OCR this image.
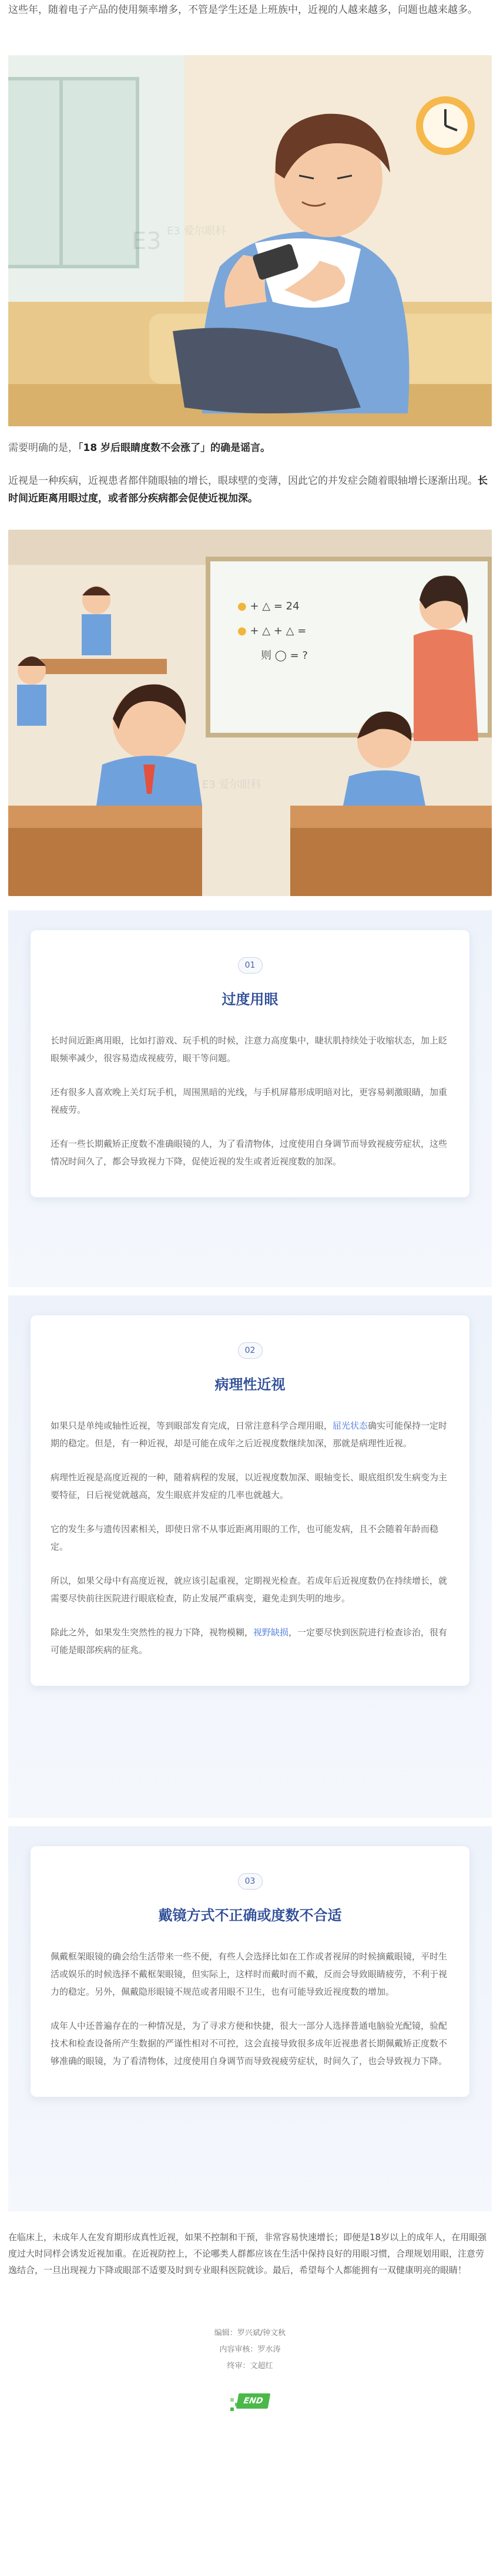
这些年，随着电子产品的使用频率增多，不管是学生还是上班族中，近视的人越来越多，问题也越来越多。

E3 E3 爱尔眼科

需要明确的是，「18 岁后眼睛度数不会涨了」的确是谣言。

近视是一种疾病，近视患者都伴随眼轴的增长，眼球壁的变薄，因此它的并发症会随着眼轴增长逐渐出现。长时间近距离用眼过度，或者部分疾病都会促使近视加深。

● + △ = 24
● + △ + △ =
则 ◯ = ?
E3 爱尔眼科
01
过度用眼

长时间近距离用眼，比如打游戏、玩手机的时候，注意力高度集中，睫状肌持续处于收缩状态，加上眨眼频率减少，很容易造成视疲劳，眼干等问题。

还有很多人喜欢晚上关灯玩手机，周围黑暗的光线，与手机屏幕形成明暗对比，更容易刺激眼睛，加重视疲劳。

还有一些长期戴矫正度数不准确眼镜的人，为了看清物体，过度使用自身调节而导致视疲劳症状，这些情况时间久了，都会导致视力下降，促使近视的发生或者近视度数的加深。

02
病理性近视

如果只是单纯或轴性近视，等到眼部发育完成，日常注意科学合理用眼，屈光状态确实可能保持一定时期的稳定。但是，有一种近视，却是可能在成年之后近视度数继续加深，那就是病理性近视。

病理性近视是高度近视的一种，随着病程的发展，以近视度数加深、眼轴变长、眼底组织发生病变为主要特征，日后视觉就越高，发生眼底并发症的几率也就越大。

它的发生多与遗传因素相关，即使日常不从事近距离用眼的工作，也可能发病，且不会随着年龄而稳定。

所以，如果父母中有高度近视，就应该引起重视，定期视光检查。若成年后近视度数仍在持续增长，就需要尽快前往医院进行眼底检查，防止发展严重病变，避免走到失明的地步。

除此之外，如果发生突然性的视力下降，视物模糊，视野缺损，一定要尽快到医院进行检查诊治，很有可能是眼部疾病的征兆。

03
戴镜方式不正确或度数不合适

佩戴框架眼镜的确会给生活带来一些不便，有些人会选择比如在工作或者视屏的时候摘戴眼镜，平时生活或娱乐的时候选择不戴框架眼镜，但实际上，这样时而戴时而不戴，反而会导致眼睛疲劳，不利于视力的稳定。另外，佩戴隐形眼镜不规范或者用眼不卫生，也有可能导致近视度数的增加。

成年人中还普遍存在的一种情况是，为了寻求方便和快捷，很大一部分人选择普通电脑验光配镜，验配技术和检查设备所产生数据的严谨性相对不可控，这会直接导致很多成年近视患者长期佩戴矫正度数不够准确的眼镜，为了看清物体，过度使用自身调节而导致视疲劳症状，时间久了，也会导致视力下降。

在临床上，未成年人在发育期形成真性近视，如果不控制和干预，非常容易快速增长；即便是18岁以上的成年人，在用眼强度过大时同样会诱发近视加重。在近视防控上，不论哪类人群都应该在生活中保持良好的用眼习惯，合理规划用眼，注意劳逸结合，一旦出现视力下降或眼部不适要及时到专业眼科医院就诊。最后，希望每个人都能拥有一双健康明亮的眼睛！

编辑：罗兴斌/钟文秋
内容审核：罗水涛
终审：文超红
END
